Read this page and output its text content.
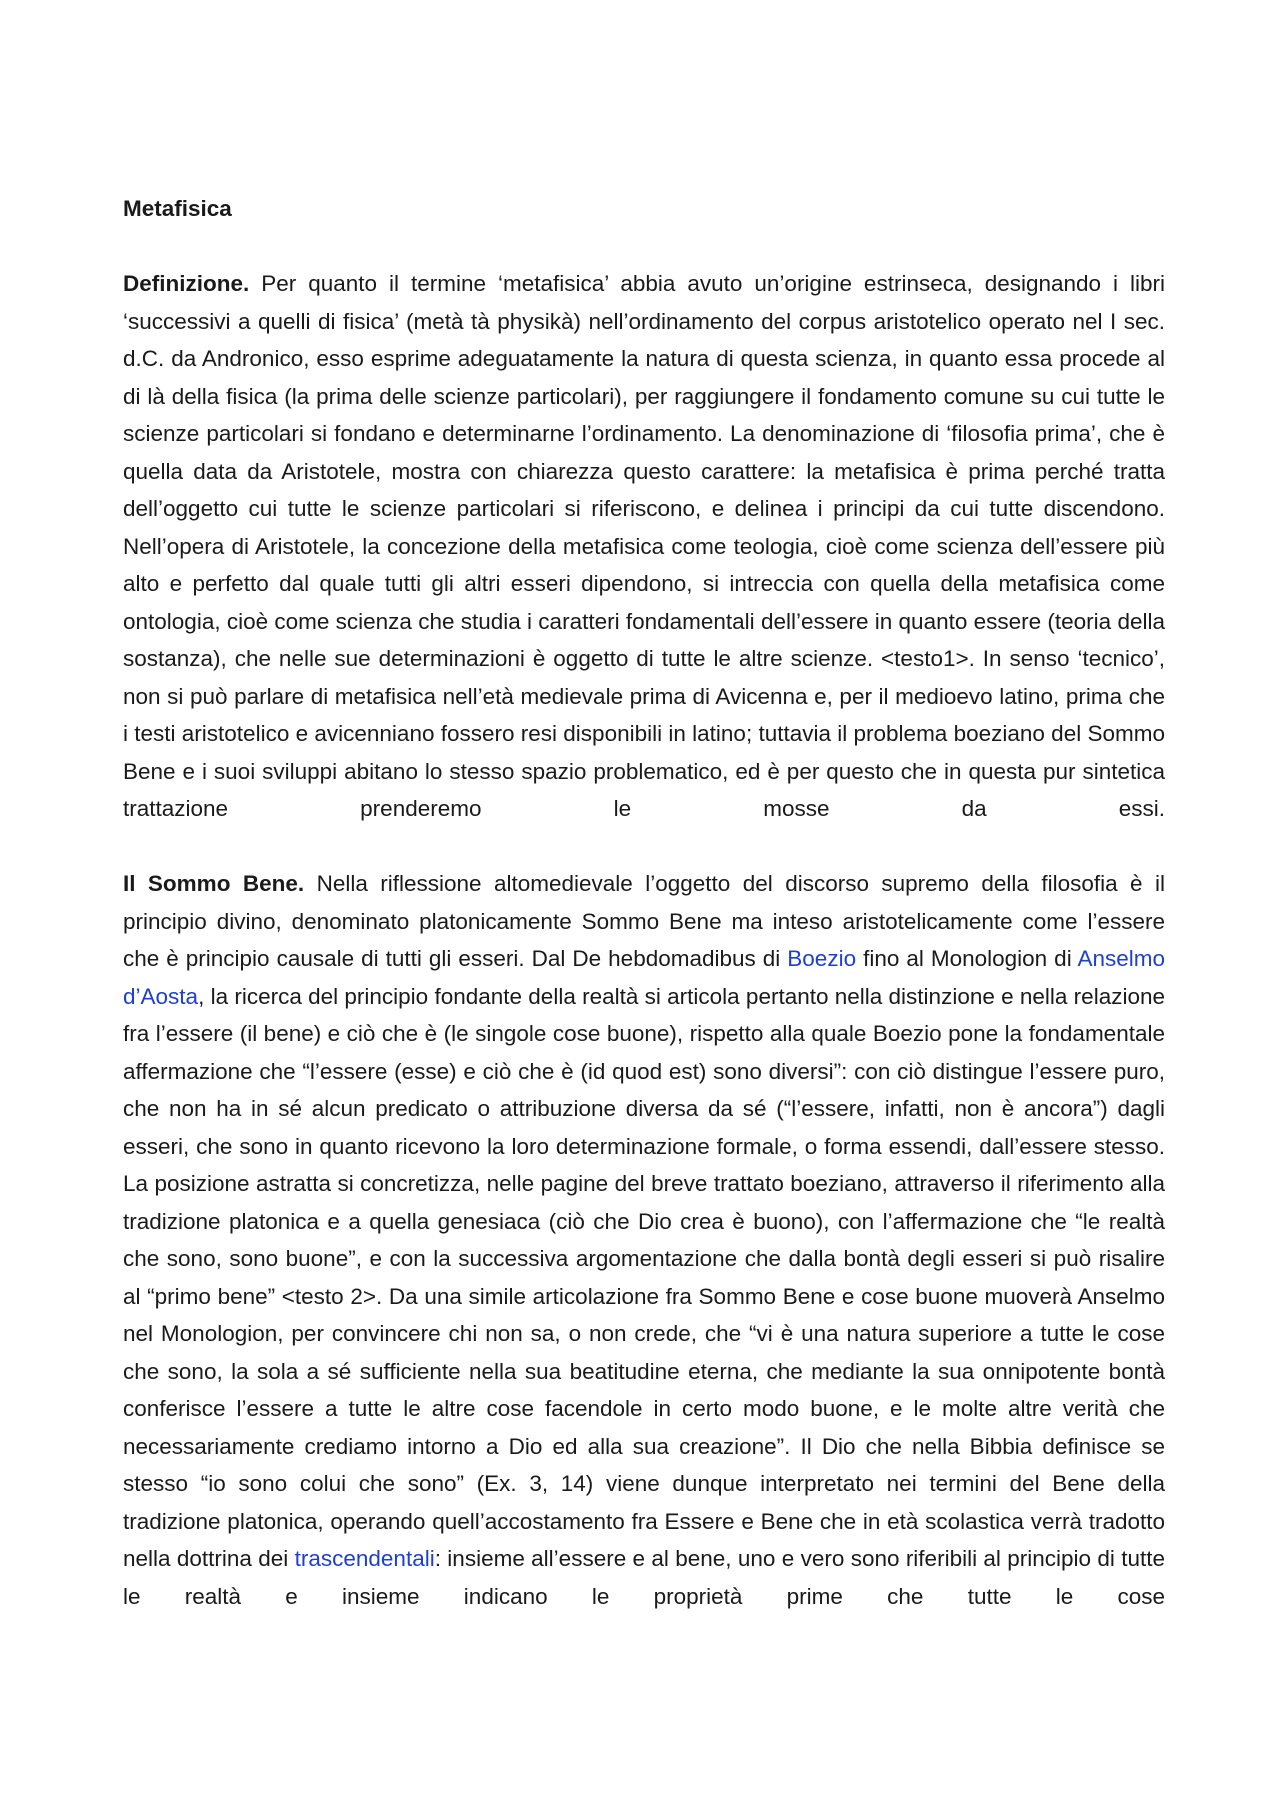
Metafisica

Definizione. Per quanto il termine ‘metafisica’ abbia avuto un’origine estrinseca, designando i libri ‘successivi a quelli di fisica’ (metà tà physikà) nell’ordinamento del corpus aristotelico operato nel I sec. d.C. da Andronico, esso esprime adeguatamente la natura di questa scienza, in quanto essa procede al di là della fisica (la prima delle scienze particolari), per raggiungere il fondamento comune su cui tutte le scienze particolari si fondano e determinarne l’ordinamento. La denominazione di ‘filosofia prima’, che è quella data da Aristotele, mostra con chiarezza questo carattere: la metafisica è prima perché tratta dell’oggetto cui tutte le scienze particolari si riferiscono, e delinea i principi da cui tutte discendono. Nell’opera di Aristotele, la concezione della metafisica come teologia, cioè come scienza dell’essere più alto e perfetto dal quale tutti gli altri esseri dipendono, si intreccia con quella della metafisica come ontologia, cioè come scienza che studia i caratteri fondamentali dell’essere in quanto essere (teoria della sostanza), che nelle sue determinazioni è oggetto di tutte le altre scienze. <testo1>. In senso ‘tecnico’, non si può parlare di metafisica nell’età medievale prima di Avicenna e, per il medioevo latino, prima che i testi aristotelico e avicenniano fossero resi disponibili in latino; tuttavia il problema boeziano del Sommo Bene e i suoi sviluppi abitano lo stesso spazio problematico, ed è per questo che in questa pur sintetica trattazione prenderemo le mosse da essi.

Il Sommo Bene. Nella riflessione altomedievale l’oggetto del discorso supremo della filosofia è il principio divino, denominato platonicamente Sommo Bene ma inteso aristotelicamente come l’essere che è principio causale di tutti gli esseri. Dal De hebdomadibus di Boezio fino al Monologion di Anselmo d’Aosta, la ricerca del principio fondante della realtà si articola pertanto nella distinzione e nella relazione fra l’essere (il bene) e ciò che è (le singole cose buone), rispetto alla quale Boezio pone la fondamentale affermazione che “l’essere (esse) e ciò che è (id quod est) sono diversi”: con ciò distingue l’essere puro, che non ha in sé alcun predicato o attribuzione diversa da sé (“l’essere, infatti, non è ancora”) dagli esseri, che sono in quanto ricevono la loro determinazione formale, o forma essendi, dall’essere stesso. La posizione astratta si concretizza, nelle pagine del breve trattato boeziano, attraverso il riferimento alla tradizione platonica e a quella genesiaca (ciò che Dio crea è buono), con l’affermazione che “le realtà che sono, sono buone”, e con la successiva argomentazione che dalla bontà degli esseri si può risalire al “primo bene” <testo 2>. Da una simile articolazione fra Sommo Bene e cose buone muoverà Anselmo nel Monologion, per convincere chi non sa, o non crede, che “vi è una natura superiore a tutte le cose che sono, la sola a sé sufficiente nella sua beatitudine eterna, che mediante la sua onnipotente bontà conferisce l’essere a tutte le altre cose facendole in certo modo buone, e le molte altre verità che necessariamente crediamo intorno a Dio ed alla sua creazione”. Il Dio che nella Bibbia definisce se stesso “io sono colui che sono” (Ex. 3, 14) viene dunque interpretato nei termini del Bene della tradizione platonica, operando quell’accostamento fra Essere e Bene che in età scolastica verrà tradotto nella dottrina dei trascendentali: insieme all’essere e al bene, uno e vero sono riferibili al principio di tutte le realtà e insieme indicano le proprietà prime che tutte le cose
